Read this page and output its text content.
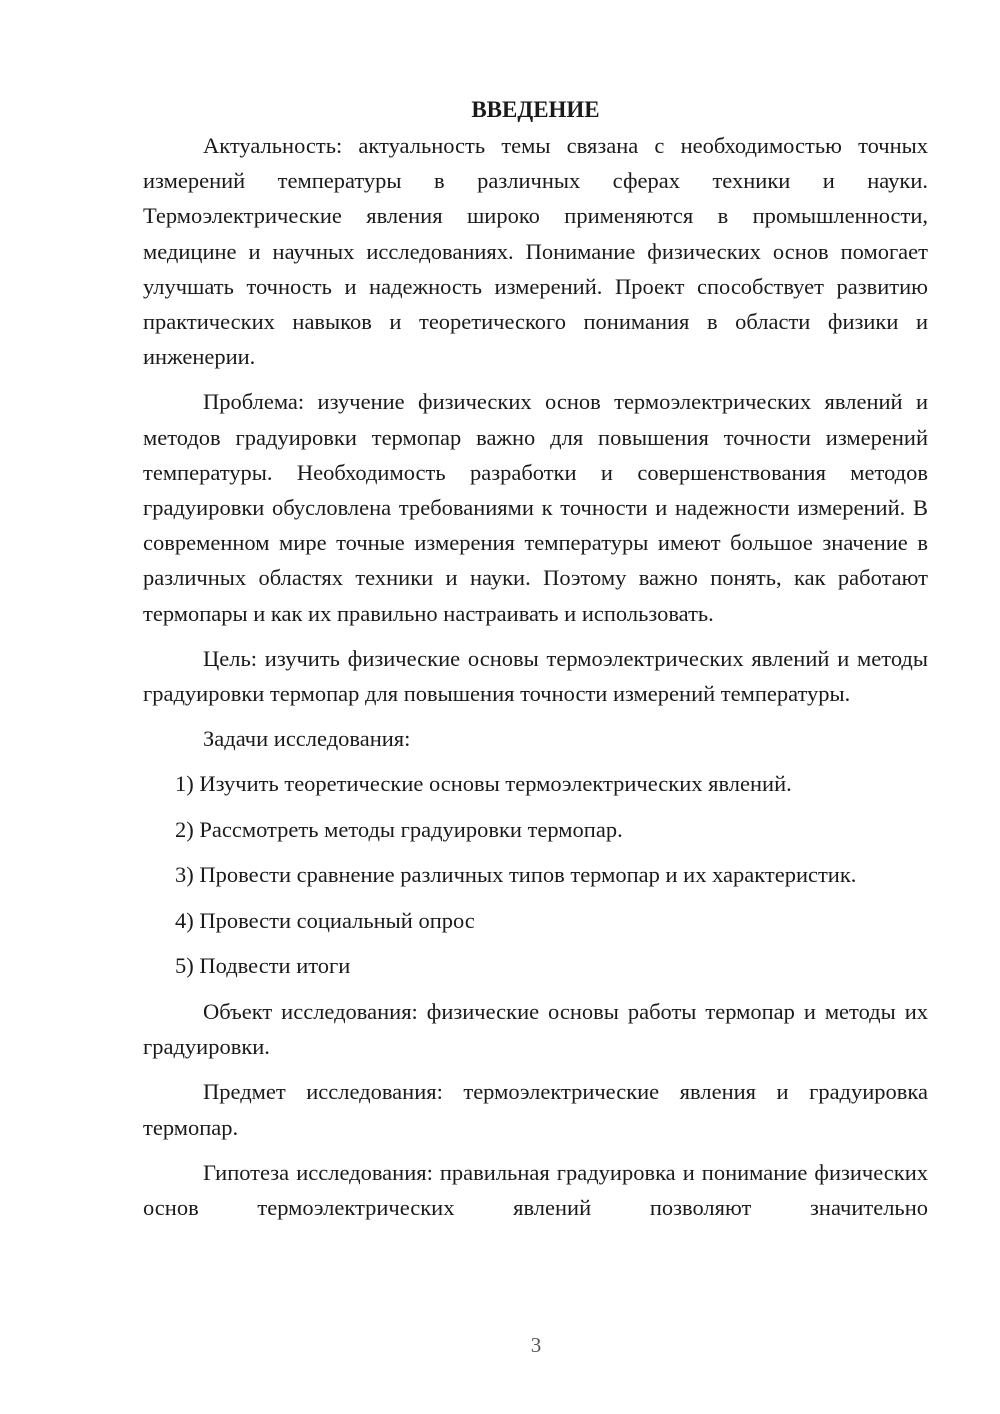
ВВЕДЕНИЕ

Актуальность: актуальность темы связана с необходимостью точных измерений температуры в различных сферах техники и науки. Термоэлектрические явления широко применяются в промышленности, медицине и научных исследованиях. Понимание физических основ помогает улучшать точность и надежность измерений. Проект способствует развитию практических навыков и теоретического понимания в области физики и инженерии.

Проблема: изучение физических основ термоэлектрических явлений и методов градуировки термопар важно для повышения точности измерений температуры. Необходимость разработки и совершенствования методов градуировки обусловлена требованиями к точности и надежности измерений. В современном мире точные измерения температуры имеют большое значение в различных областях техники и науки. Поэтому важно понять, как работают термопары и как их правильно настраивать и использовать.

Цель: изучить физические основы термоэлектрических явлений и методы градуировки термопар для повышения точности измерений температуры.

Задачи исследования:

1) Изучить теоретические основы термоэлектрических явлений.

2) Рассмотреть методы градуировки термопар.

3) Провести сравнение различных типов термопар и их характеристик.

4) Провести социальный опрос

5) Подвести итоги

Объект исследования: физические основы работы термопар и методы их градуировки.

Предмет исследования: термоэлектрические явления и градуировка термопар.

Гипотеза исследования: правильная градуировка и понимание физических основ термоэлектрических явлений позволяют значительно

3
